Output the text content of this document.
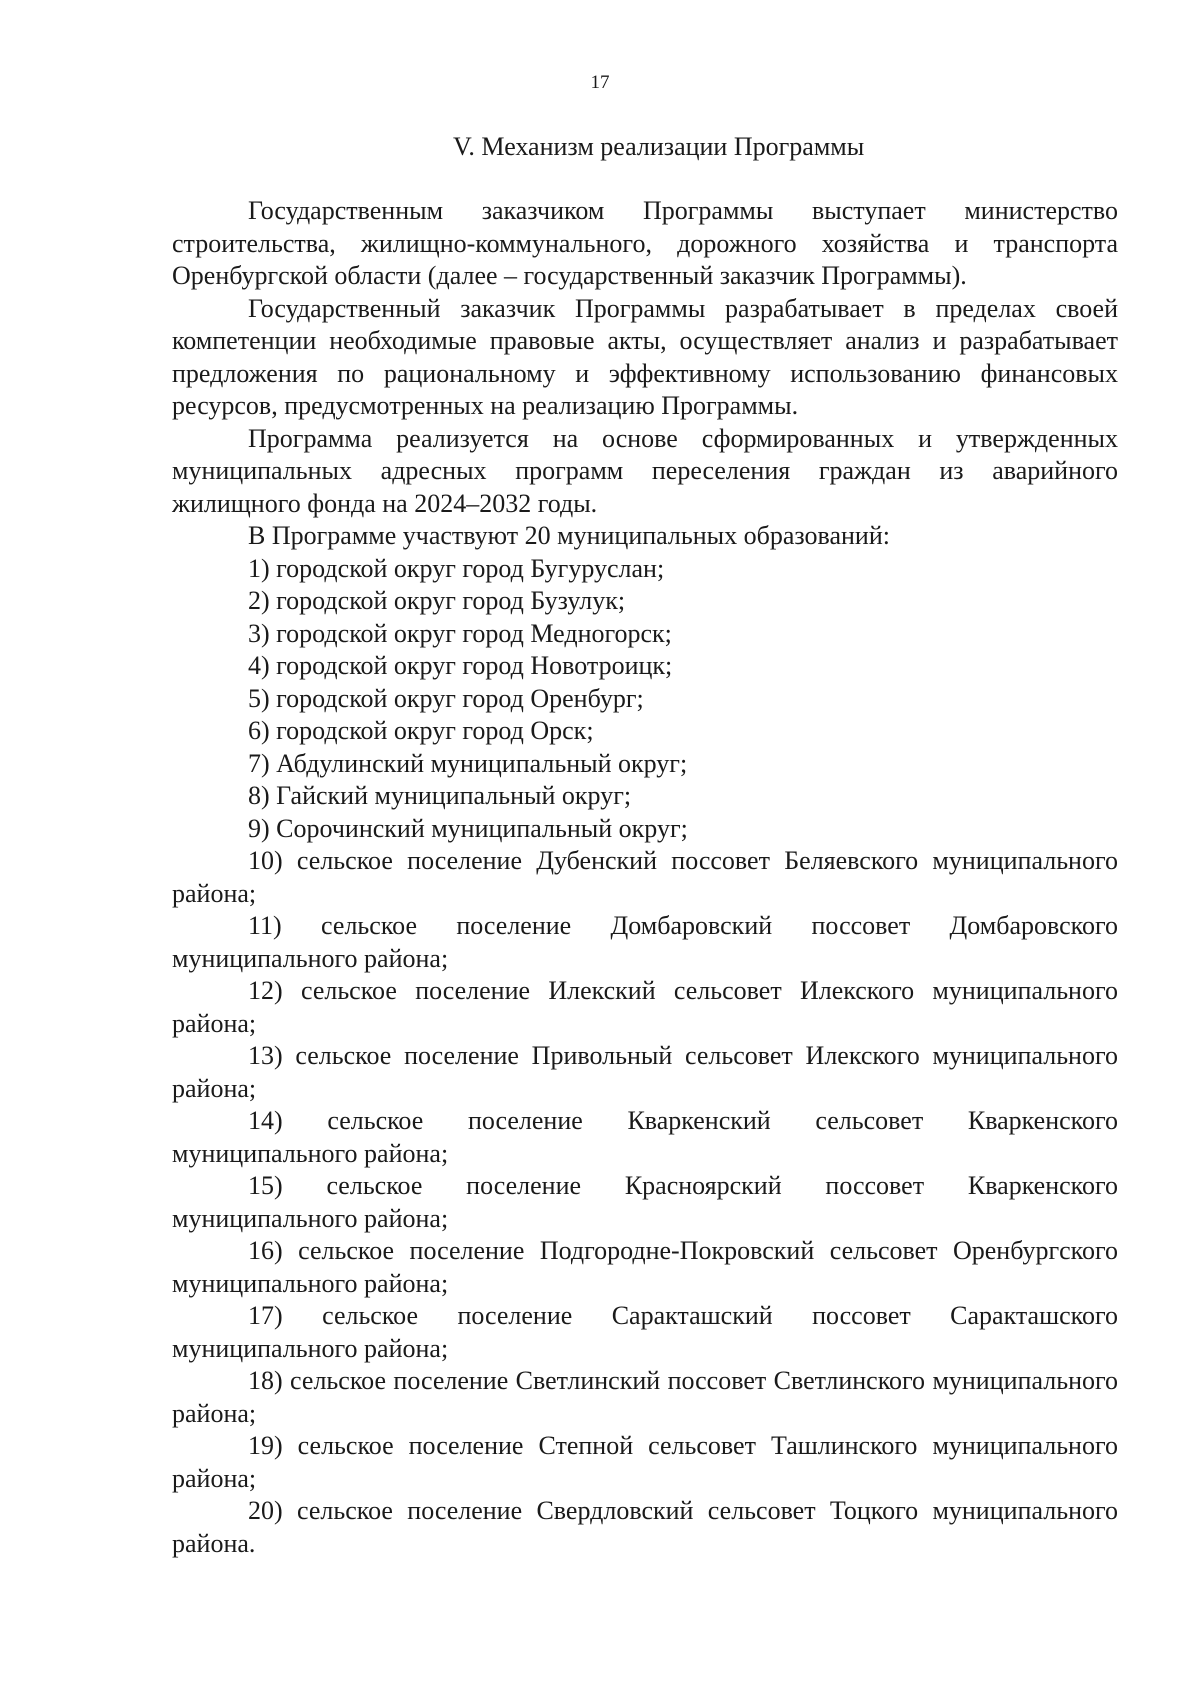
17
V. Механизм реализации Программы

Государственным заказчиком Программы выступает министерство строительства, жилищно-коммунального, дорожного хозяйства и транспорта Оренбургской области (далее – государственный заказчик Программы).

Государственный заказчик Программы разрабатывает в пределах своей компетенции необходимые правовые акты, осуществляет анализ и разрабатывает предложения по рациональному и эффективному использованию финансовых ресурсов, предусмотренных на реализацию Программы.

Программа реализуется на основе сформированных и утвержденных муниципальных адресных программ переселения граждан из аварийного жилищного фонда на 2024–2032 годы.

В Программе участвуют 20 муниципальных образований:

1) городской округ город Бугуруслан;

2) городской округ город Бузулук;

3) городской округ город Медногорск;

4) городской округ город Новотроицк;

5) городской округ город Оренбург;

6) городской округ город Орск;

7) Абдулинский муниципальный округ;

8) Гайский муниципальный округ;

9) Сорочинский муниципальный округ;

10) сельское поселение Дубенский поссовет Беляевского муниципального района;

11) сельское поселение Домбаровский поссовет Домбаровского муниципального района;

12) сельское поселение Илекский сельсовет Илекского муниципального района;

13) сельское поселение Привольный сельсовет Илекского муниципального района;

14) сельское поселение Кваркенский сельсовет Кваркенского муниципального района;

15) сельское поселение Красноярский поссовет Кваркенского муниципального района;

16) сельское поселение Подгородне-Покровский сельсовет Оренбургского муниципального района;

17) сельское поселение Саракташский поссовет Саракташского муниципального района;

18) сельское поселение Светлинский поссовет Светлинского муниципального района;

19) сельское поселение Степной сельсовет Ташлинского муниципального района;

20) сельское поселение Свердловский сельсовет Тоцкого муниципального района.
